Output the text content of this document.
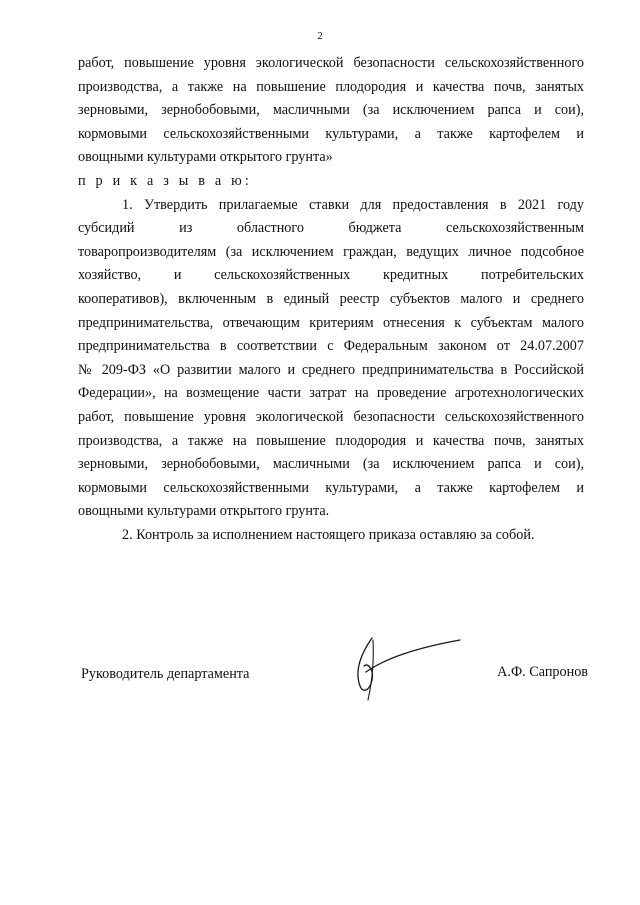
2
работ, повышение уровня экологической безопасности сельскохозяйственного
производства, а также на повышение плодородия и качества почв, занятых
зерновыми, зернобобовыми, масличными (за исключением рапса и сои),
кормовыми сельскохозяйственными культурами, а также картофелем и
овощными культурами открытого грунта»
п р и к а з ы в а ю:
1. Утвердить прилагаемые ставки для предоставления в 2021 году
субсидий из областного бюджета сельскохозяйственным
товаропроизводителям (за исключением граждан, ведущих личное подсобное
хозяйство, и сельскохозяйственных кредитных потребительских
кооперативов), включенным в единый реестр субъектов малого и среднего
предпринимательства, отвечающим критериям отнесения к субъектам малого
предпринимательства в соответствии с Федеральным законом от 24.07.2007
№ 209-ФЗ «О развитии малого и среднего предпринимательства в Российской
Федерации», на возмещение части затрат на проведение агротехнологических
работ, повышение уровня экологической безопасности сельскохозяйственного
производства, а также на повышение плодородия и качества почв, занятых
зерновыми, зернобобовыми, масличными (за исключением рапса и сои),
кормовыми сельскохозяйственными культурами, а также картофелем и
овощными культурами открытого грунта.
2. Контроль за исполнением настоящего приказа оставляю за собой.
Руководитель департамента	А.Ф. Сапронов
